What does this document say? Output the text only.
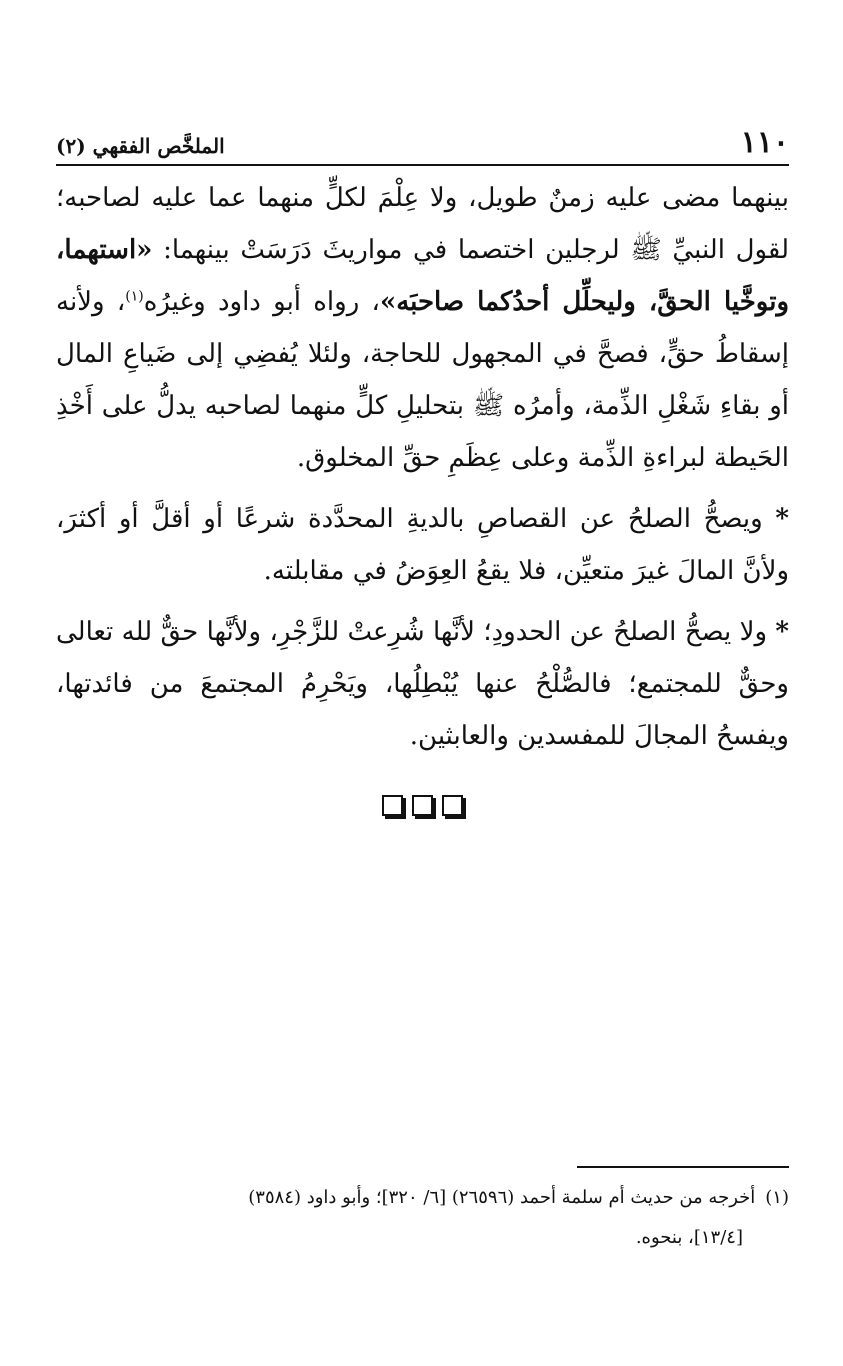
١١٠
الملخَّص الفقهي (٢)

بينهما مضى عليه زمنٌ طويل، ولا عِلْمَ لكلٍّ منهما عما عليه لصاحبه؛ لقول النبيِّ ﷺ لرجلين اختصما في مواريثَ دَرَسَتْ بينهما: «استهما، وتوخَّيا الحقَّ، وليحلِّل أحدُكما صاحبَه»، رواه أبو داود وغيرُه$^{(١)}$، ولأنه إسقاطُ حقٍّ، فصحَّ في المجهول للحاجة، ولئلا يُفضِي إلى ضَياعِ المال أو بقاءِ شَغْلِ الذِّمة، وأمرُه ﷺ بتحليلِ كلٍّ منهما لصاحبه يدلُّ على أَخْذِ الحَيطة لبراءةِ الذِّمة وعلى عِظَمِ حقِّ المخلوق.

* ويصحُّ الصلحُ عن القصاصِ بالديةِ المحدَّدة شرعًا أو أقلَّ أو أكثرَ، ولأنَّ المالَ غيرَ متعيِّن، فلا يقعُ العِوَضُ في مقابلته.

* ولا يصحُّ الصلحُ عن الحدودِ؛ لأنَّها شُرِعتْ للزَّجْرِ، ولأنَّها حقٌّ لله تعالى وحقٌّ للمجتمع؛ فالصُّلْحُ عنها يُبْطِلُها، ويَحْرِمُ المجتمعَ من فائدتها، ويفسحُ المجالَ للمفسدين والعابثين.

(١)أخرجه من حديث أم سلمة أحمد (٢٦٥٩٦) [٦/ ٣٢٠]؛ وأبو داود (٣٥٨٤)
[١٣/٤]، بنحوه.
